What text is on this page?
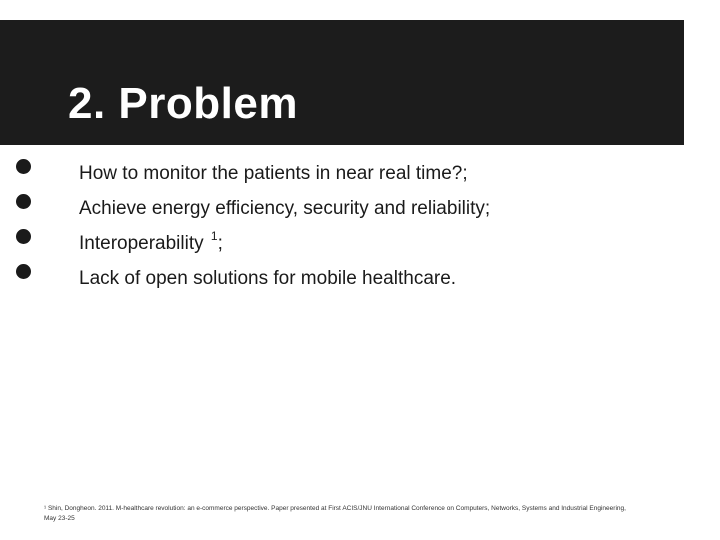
2. Problem
How to monitor the patients in near real time?;
Achieve energy efficiency, security and reliability;
Interoperability $^1$;
Lack of open solutions for mobile healthcare.
¹ Shin, Dongheon. 2011. M-healthcare revolution: an e-commerce perspective. Paper presented at First ACIS/JNU International Conference on Computers, Networks, Systems and Industrial Engineering,
May 23-25
